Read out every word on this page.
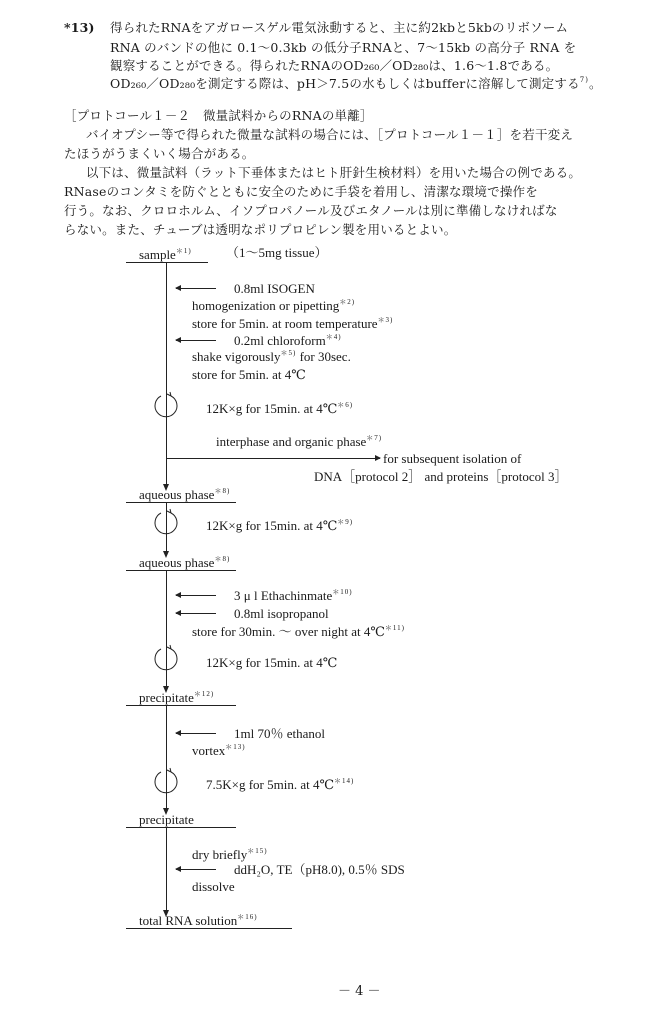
*13) 得られたRNAをアガロースゲル電気泳動すると、主に約2kbと5kbのリボソーム
RNA のバンドの他に 0.1～0.3kb の低分子RNAと、7～15kb の高分子 RNA を
観察することができる。得られたRNAのOD₂₆₀／OD₂₈₀は、1.6～1.8である。
OD₂₆₀／OD₂₈₀を測定する際は、pH＞7.5の水もしくはbufferに溶解して測定する$^{7)}$。
［プロトコール１－２　微量試料からのRNAの単離］
バイオプシー等で得られた微量な試料の場合には、［プロトコール１－１］を若干変え
たほうがうまくいく場合がある。
以下は、微量試料（ラット下垂体またはヒト肝針生検材料）を用いた場合の例である。
RNaseのコンタミを防ぐとともに安全のために手袋を着用し、清潔な環境で操作を
行う。なお、クロロホルム、イソプロパノール及びエタノールは別に準備しなければな
らない。また、チューブは透明なポリプロピレン製を用いるとよい。
sample$^{*1)}$	（1～5mg tissue）
0.8ml ISOGEN
homogenization or pipetting$^{*2)}$
store for 5min. at room temperature$^{*3)}$
0.2ml chloroform$^{*4)}$
shake vigorously$^{*5)}$ for 30sec.
store for 5min. at 4℃
12K×g for 15min. at 4℃$^{*6)}$
interphase and organic phase$^{*7)}$
for subsequent isolation of
DNA［protocol 2］ and proteins［protocol 3］
aqueous phase$^{*8)}$
12K×g for 15min. at 4℃$^{*9)}$
aqueous phase$^{*8)}$
3 μ l Ethachinmate$^{*10)}$
0.8ml isopropanol
store for 30min. ～ over night at 4℃$^{*11)}$
12K×g for 15min. at 4℃
precipitate$^{*12)}$
1ml 70％ ethanol
vortex$^{*13)}$
7.5K×g for 5min. at 4℃$^{*14)}$
precipitate
dry briefly$^{*15)}$
ddH₂O, TE（pH8.0), 0.5％ SDS
dissolve
total RNA solution$^{*16)}$
－ 4 －
